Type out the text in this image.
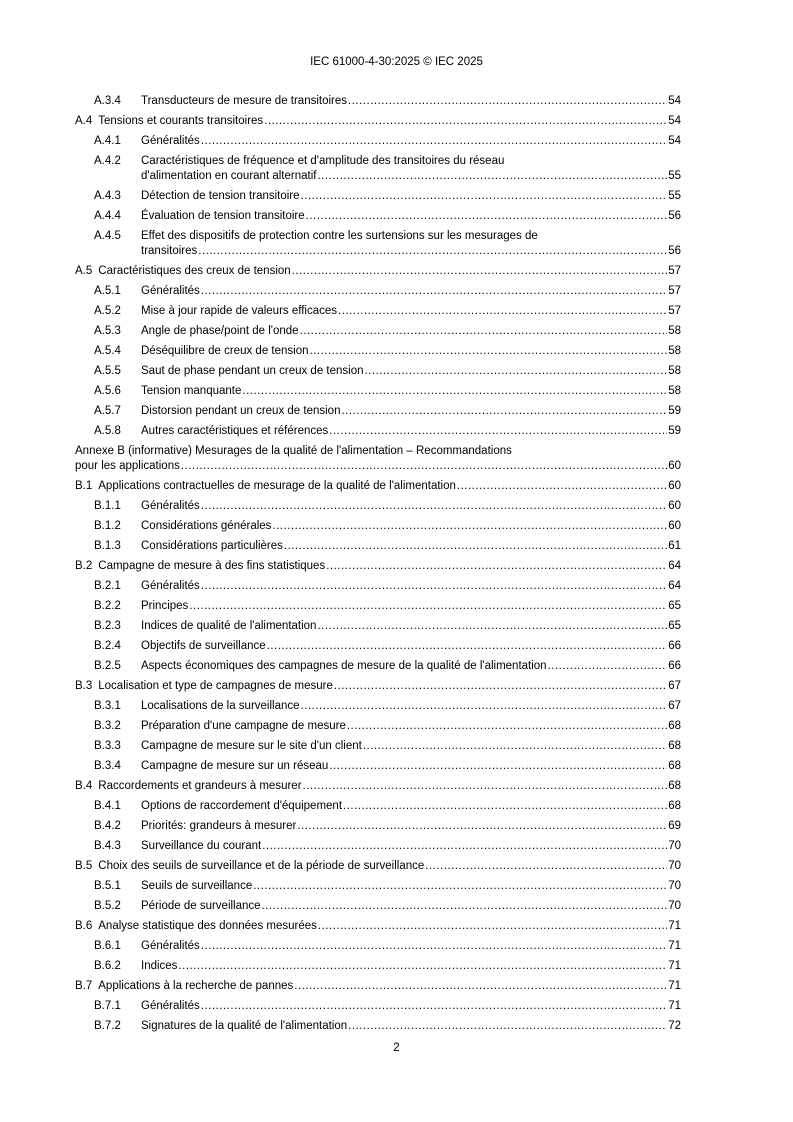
IEC 61000-4-30:2025 © IEC 2025
A.3.4	Transducteurs de mesure de transitoires .....	54
A.4 Tensions et courants transitoires .....	54
A.4.1	Généralités .....	54
A.4.2	Caractéristiques de fréquence et d'amplitude des transitoires du réseau
d'alimentation en courant alternatif .....	55
A.4.3	Détection de tension transitoire .....	55
A.4.4	Évaluation de tension transitoire .....	56
A.4.5	Effet des dispositifs de protection contre les surtensions sur les mesurages de
transitoires .....	56
A.5 Caractéristiques des creux de tension .....	57
A.5.1	Généralités .....	57
A.5.2	Mise à jour rapide de valeurs efficaces .....	57
A.5.3	Angle de phase/point de l'onde .....	58
A.5.4	Déséquilibre de creux de tension .....	58
A.5.5	Saut de phase pendant un creux de tension .....	58
A.5.6	Tension manquante .....	58
A.5.7	Distorsion pendant un creux de tension .....	59
A.5.8	Autres caractéristiques et références .....	59
Annexe B (informative) Mesurages de la qualité de l'alimentation – Recommandations
pour les applications .....	60
B.1 Applications contractuelles de mesurage de la qualité de l'alimentation .....	60
B.1.1	Généralités .....	60
B.1.2	Considérations générales .....	60
B.1.3	Considérations particulières .....	61
B.2 Campagne de mesure à des fins statistiques .....	64
B.2.1	Généralités .....	64
B.2.2	Principes .....	65
B.2.3	Indices de qualité de l'alimentation .....	65
B.2.4	Objectifs de surveillance .....	66
B.2.5	Aspects économiques des campagnes de mesure de la qualité de l'alimentation .....	66
B.3 Localisation et type de campagnes de mesure .....	67
B.3.1	Localisations de la surveillance .....	67
B.3.2	Préparation d'une campagne de mesure .....	68
B.3.3	Campagne de mesure sur le site d'un client .....	68
B.3.4	Campagne de mesure sur un réseau .....	68
B.4 Raccordements et grandeurs à mesurer .....	68
B.4.1	Options de raccordement d'équipement .....	68
B.4.2	Priorités: grandeurs à mesurer .....	69
B.4.3	Surveillance du courant .....	70
B.5 Choix des seuils de surveillance et de la période de surveillance .....	70
B.5.1	Seuils de surveillance .....	70
B.5.2	Période de surveillance .....	70
B.6 Analyse statistique des données mesurées .....	71
B.6.1	Généralités .....	71
B.6.2	Indices .....	71
B.7 Applications à la recherche de pannes .....	71
B.7.1	Généralités .....	71
B.7.2	Signatures de la qualité de l'alimentation .....	72
2
